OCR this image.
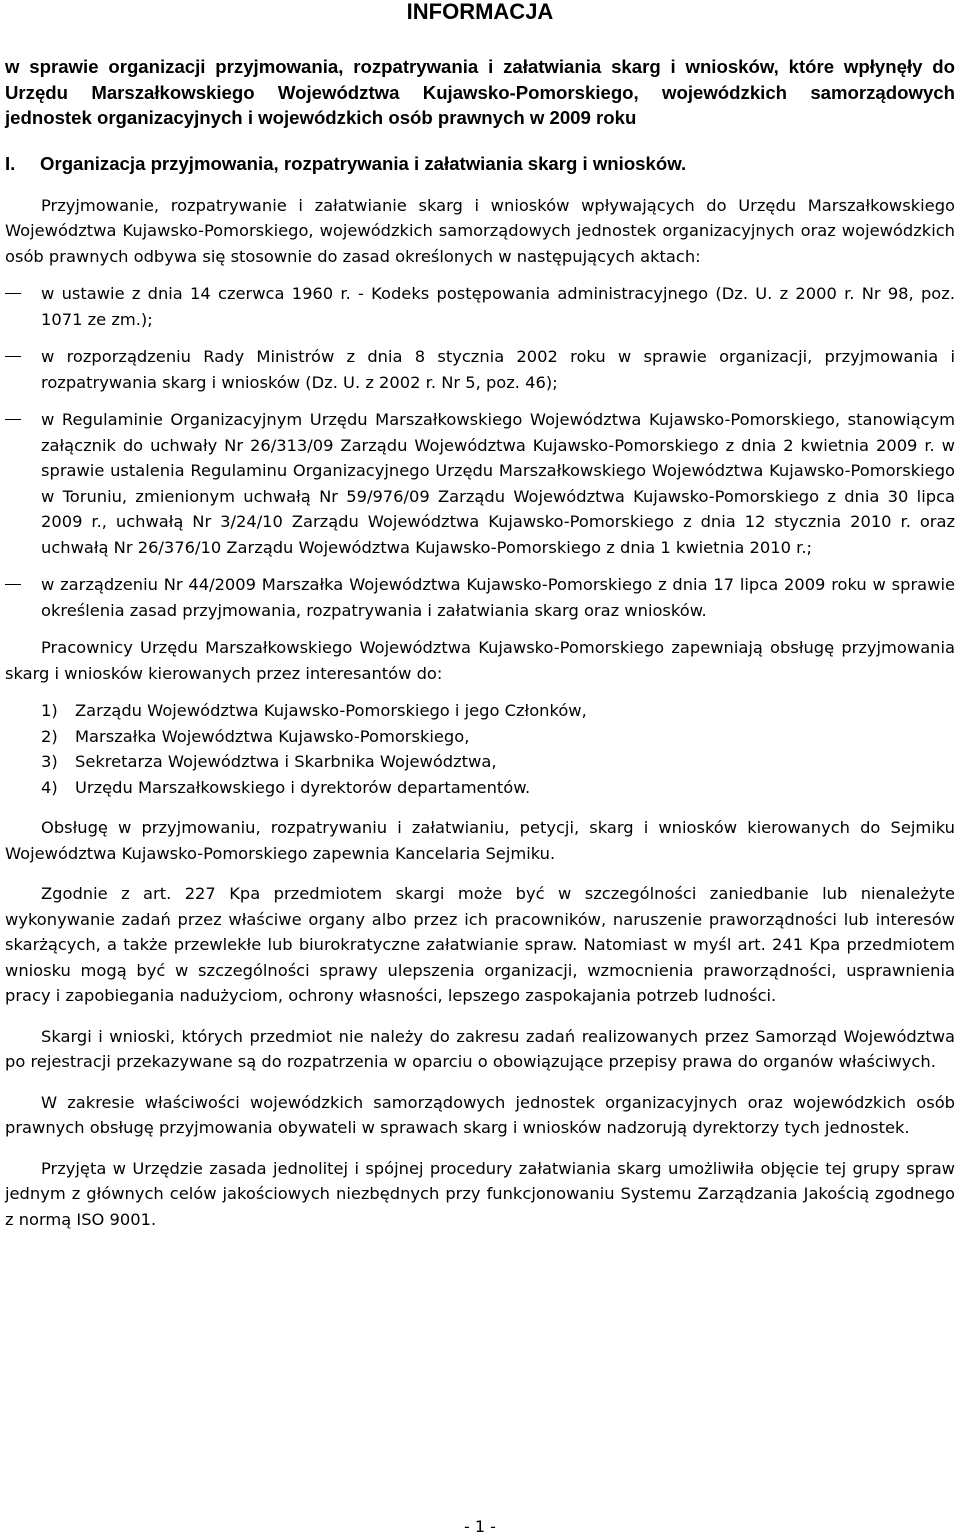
INFORMACJA

w sprawie organizacji przyjmowania, rozpatrywania i załatwiania skarg i wniosków, które wpłynęły do Urzędu Marszałkowskiego Województwa Kujawsko-Pomorskiego, wojewódzkich samorządowych jednostek organizacyjnych i wojewódzkich osób prawnych w 2009 roku

I.	Organizacja przyjmowania, rozpatrywania i załatwiania skarg i wniosków.

Przyjmowanie, rozpatrywanie i załatwianie skarg i wniosków wpływających do Urzędu Marszałkowskiego Województwa Kujawsko-Pomorskiego, wojewódzkich samorządowych jednostek organizacyjnych oraz wojewódzkich osób prawnych odbywa się stosownie do zasad określonych w następujących aktach:

w ustawie z dnia 14 czerwca 1960 r. - Kodeks postępowania administracyjnego (Dz. U. z 2000 r. Nr 98, poz. 1071 ze zm.);
w rozporządzeniu Rady Ministrów z dnia 8 stycznia 2002 roku w sprawie organizacji, przyjmowania i rozpatrywania skarg i wniosków (Dz. U. z 2002 r. Nr 5, poz. 46);
w Regulaminie Organizacyjnym Urzędu Marszałkowskiego Województwa Kujawsko-Pomorskiego, stanowiącym załącznik do uchwały Nr 26/313/09 Zarządu Województwa Kujawsko-Pomorskiego z dnia 2 kwietnia 2009 r. w sprawie ustalenia Regulaminu Organizacyjnego Urzędu Marszałkowskiego Województwa Kujawsko-Pomorskiego w Toruniu, zmienionym uchwałą Nr 59/976/09 Zarządu Województwa Kujawsko-Pomorskiego z dnia 30 lipca 2009 r., uchwałą Nr 3/24/10 Zarządu Województwa Kujawsko-Pomorskiego z dnia 12 stycznia 2010 r. oraz uchwałą Nr 26/376/10 Zarządu Województwa Kujawsko-Pomorskiego z dnia 1 kwietnia 2010 r.;
w zarządzeniu Nr 44/2009 Marszałka Województwa Kujawsko-Pomorskiego z dnia 17 lipca 2009 roku w sprawie określenia zasad przyjmowania, rozpatrywania i załatwiania skarg oraz wniosków.

Pracownicy Urzędu Marszałkowskiego Województwa Kujawsko-Pomorskiego zapewniają obsługę przyjmowania skarg i wniosków kierowanych przez interesantów do:

1)	Zarządu Województwa Kujawsko-Pomorskiego i jego Członków,
2)	Marszałka Województwa Kujawsko-Pomorskiego,
3)	Sekretarza Województwa i Skarbnika Województwa,
4)	Urzędu Marszałkowskiego i dyrektorów departamentów.

Obsługę w przyjmowaniu, rozpatrywaniu i załatwianiu, petycji, skarg i wniosków kierowanych do Sejmiku Województwa Kujawsko-Pomorskiego zapewnia Kancelaria Sejmiku.

Zgodnie z art. 227 Kpa przedmiotem skargi może być w szczególności zaniedbanie lub nienależyte wykonywanie zadań przez właściwe organy albo przez ich pracowników, naruszenie praworządności lub interesów skarżących, a także przewlekłe lub biurokratyczne załatwianie spraw. Natomiast w myśl art. 241 Kpa przedmiotem wniosku mogą być w szczególności sprawy ulepszenia organizacji, wzmocnienia praworządności, usprawnienia pracy i zapobiegania nadużyciom, ochrony własności, lepszego zaspokajania potrzeb ludności.

Skargi i wnioski, których przedmiot nie należy do zakresu zadań realizowanych przez Samorząd Województwa po rejestracji przekazywane są do rozpatrzenia w oparciu o obowiązujące przepisy prawa do organów właściwych.

W zakresie właściwości wojewódzkich samorządowych jednostek organizacyjnych oraz wojewódzkich osób prawnych obsługę przyjmowania obywateli w sprawach skarg i wniosków nadzorują dyrektorzy tych jednostek.

Przyjęta w Urzędzie zasada jednolitej i spójnej procedury załatwiania skarg umożliwiła objęcie tej grupy spraw jednym z głównych celów jakościowych niezbędnych przy funkcjonowaniu Systemu Zarządzania Jakością zgodnego z normą ISO 9001.

- 1 -
